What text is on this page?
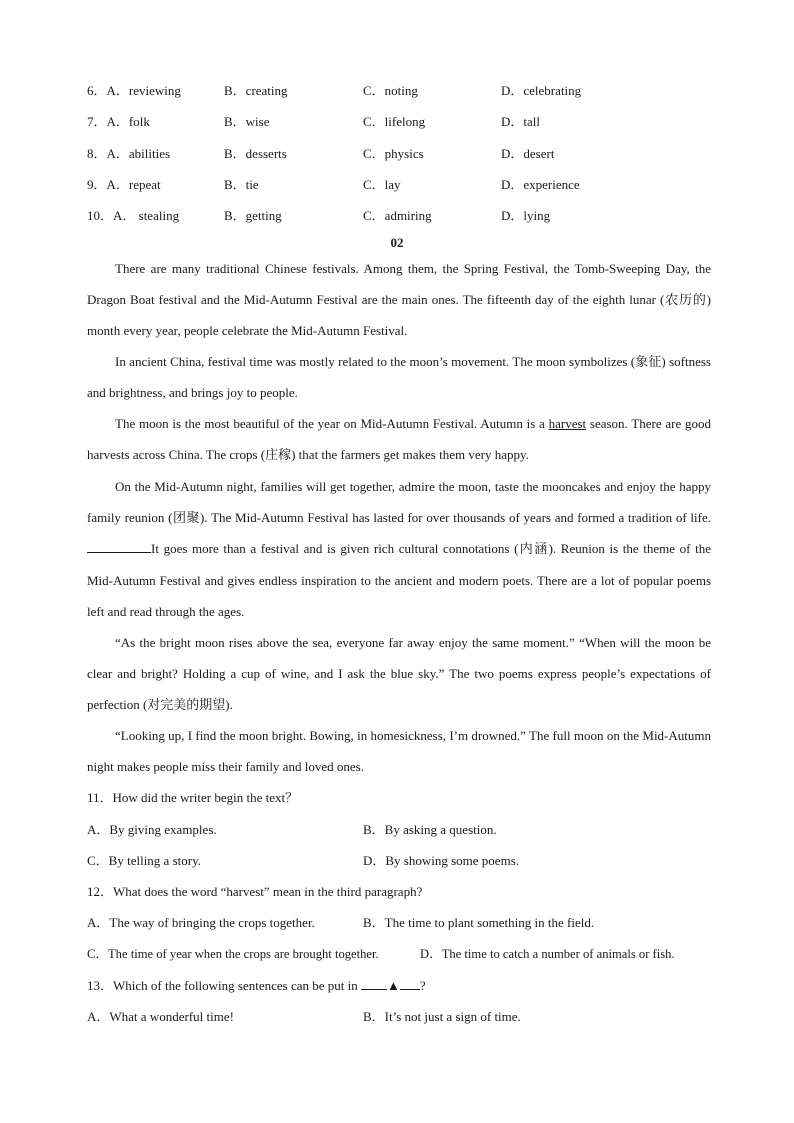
6．A．reviewing	B．creating	C．noting	D．celebrating
7．A．folk	B．wise	C．lifelong	D．tall
8．A．abilities	B．desserts	C．physics	D．desert
9．A．repeat	B．tie	C．lay	D．experience
10．A． stealing	B．getting	C．admiring	D．lying
02

There are many traditional Chinese festivals. Among them, the Spring Festival, the Tomb-Sweeping Day, the Dragon Boat festival and the Mid-Autumn Festival are the main ones. The fifteenth day of the eighth lunar (农历的) month every year, people celebrate the Mid-Autumn Festival.

In ancient China, festival time was mostly related to the moon’s movement. The moon symbolizes (象征) softness and brightness, and brings joy to people.

The moon is the most beautiful of the year on Mid-Autumn Festival. Autumn is a harvest season. There are good harvests across China. The crops (庄稼) that the farmers get makes them very happy.

On the Mid-Autumn night, families will get together, admire the moon, taste the mooncakes and enjoy the happy family reunion (团聚). The Mid-Autumn Festival has lasted for over thousands of years and formed a tradition of life. It goes more than a festival and is given rich cultural connotations (内涵). Reunion is the theme of the Mid-Autumn Festival and gives endless inspiration to the ancient and modern poets. There are a lot of popular poems left and read through the ages.

“As the bright moon rises above the sea, everyone far away enjoy the same moment.” “When will the moon be clear and bright? Holding a cup of wine, and I ask the blue sky.” The two poems express people’s expectations of perfection (对完美的期望).

“Looking up, I find the moon bright. Bowing, in homesickness, I’m drowned.” The full moon on the Mid-Autumn night makes people miss their family and loved ones.

11．How did the writer begin the text？
A．By giving examples.	B．By asking a question.
C．By telling a story.	D．By showing some poems.
12．What does the word “harvest” mean in the third paragraph?
A．The way of bringing the crops together.	B．The time to plant something in the field.
C．The time of year when the crops are brought together.	D．The time to catch a number of animals or fish.
13．Which of the following sentences can be put in ▲ ?
A．What a wonderful time!	B．It’s not just a sign of time.
